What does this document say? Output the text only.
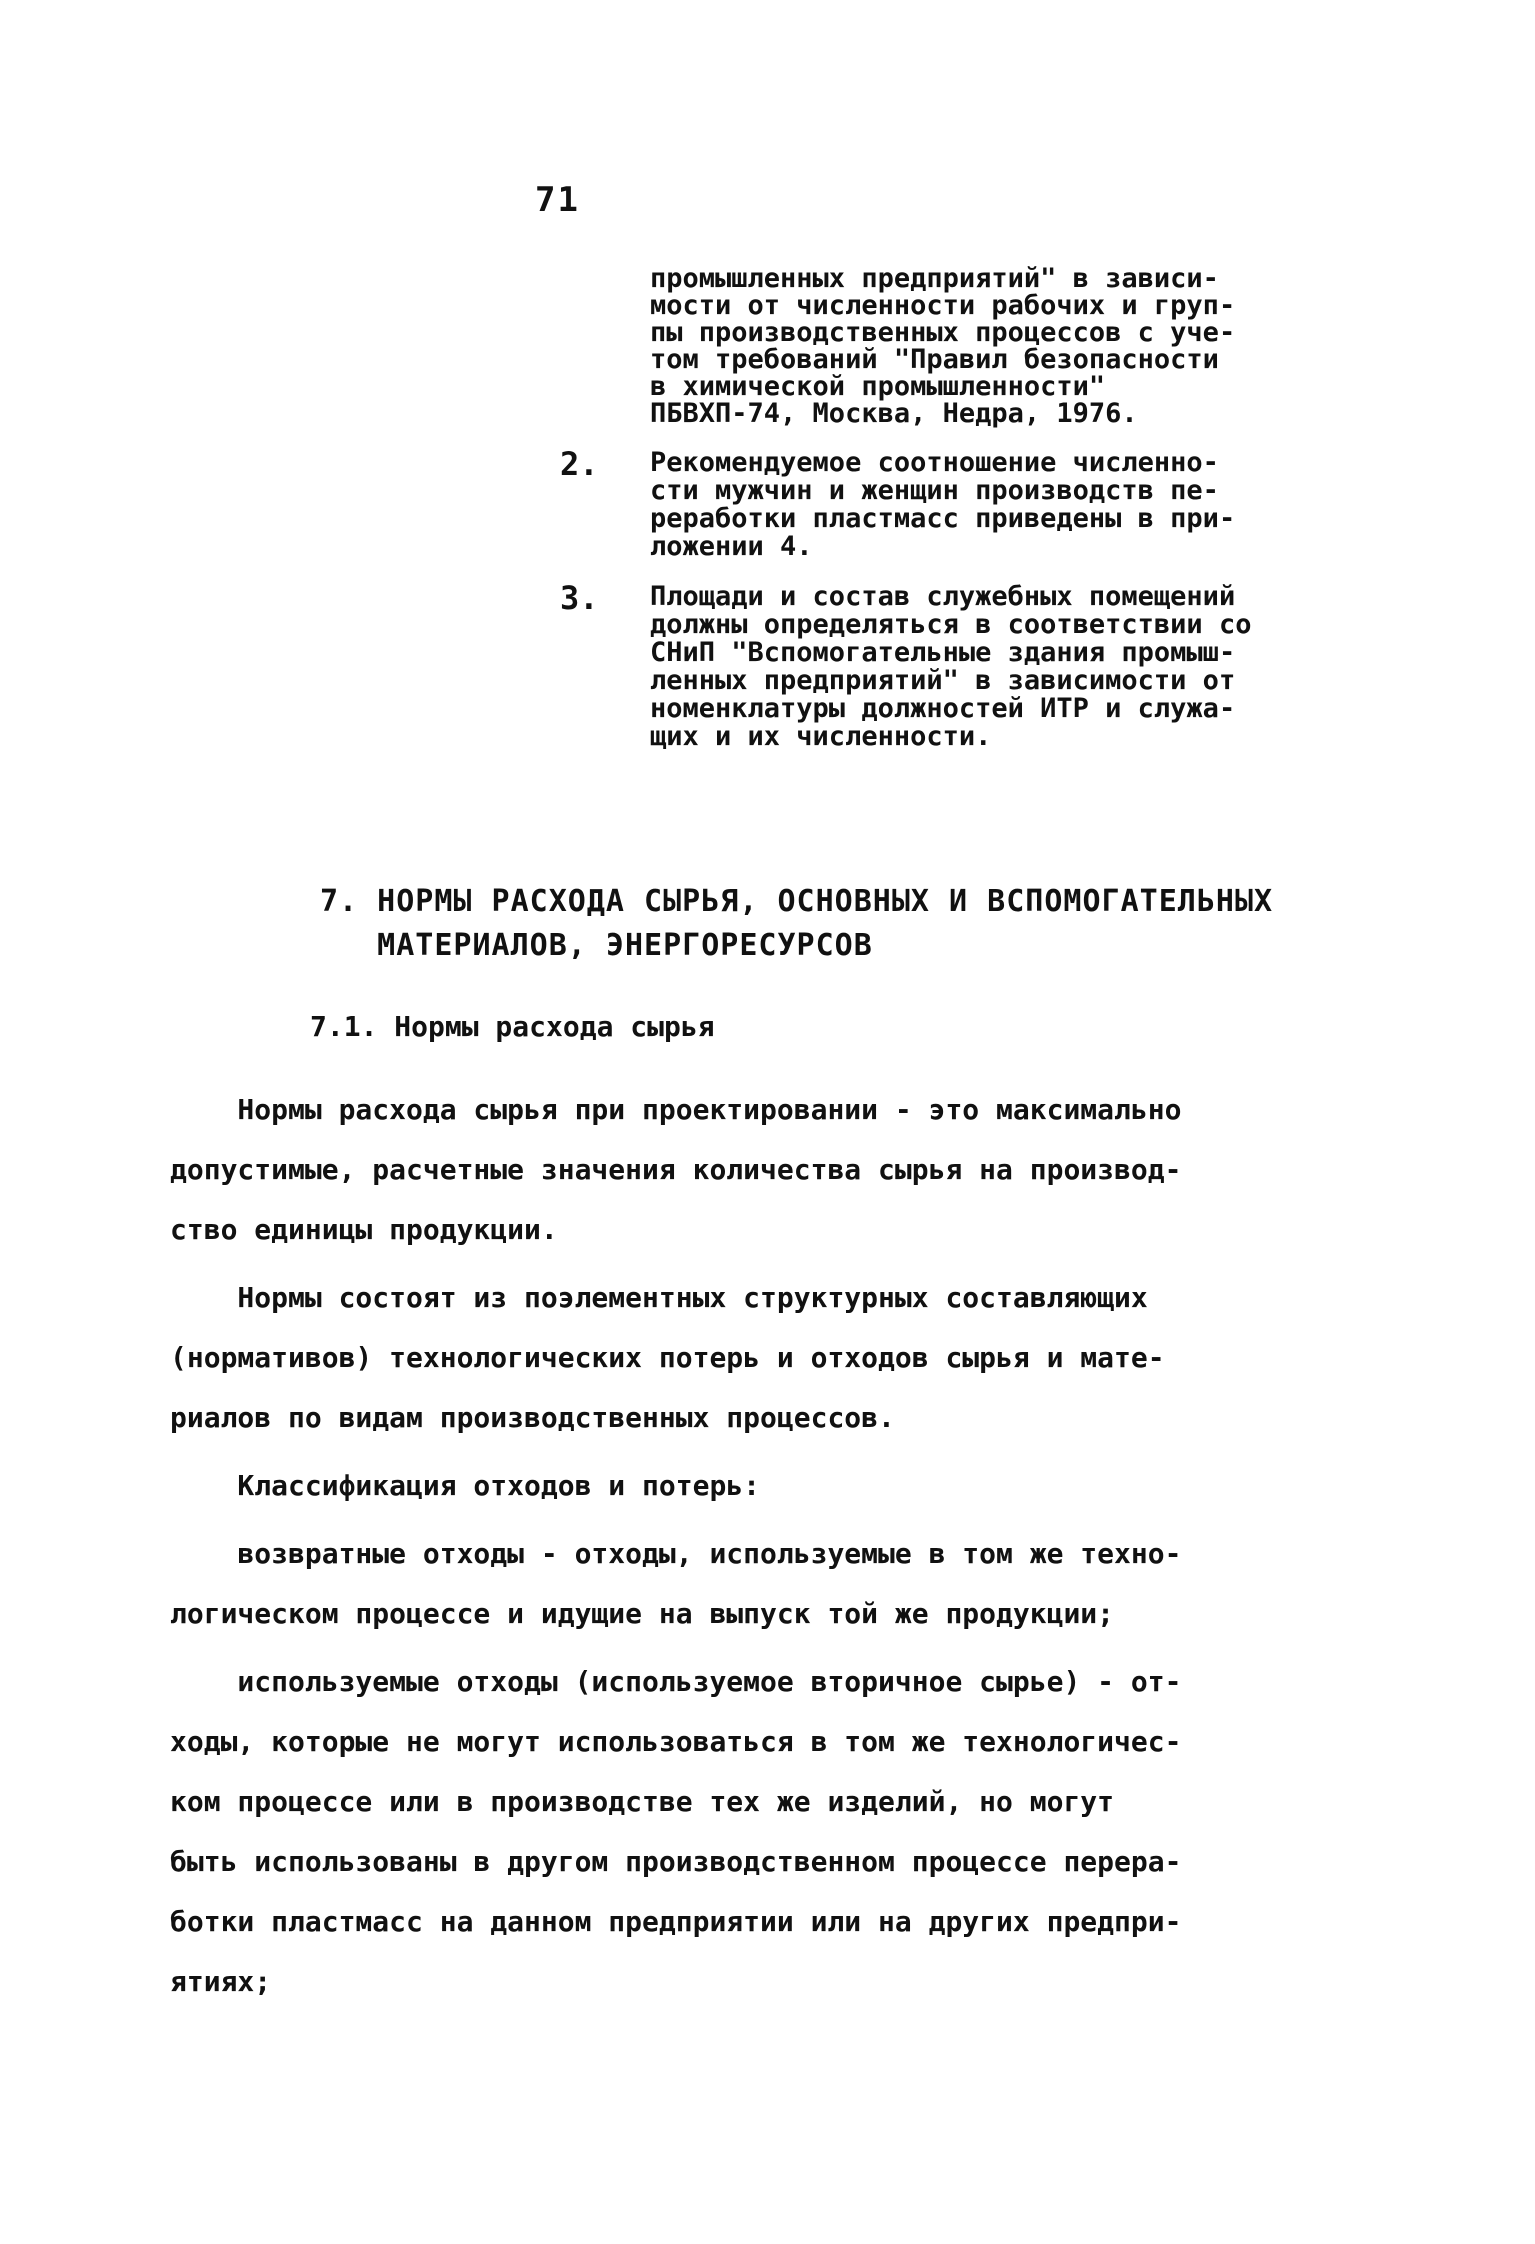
71
промышленных предприятий" в зависи-
мости от численности рабочих и груп-
пы производственных процессов с уче-
том требований "Правил безопасности
в химической промышленности"
ПБВХП-74, Москва, Недра, 1976.
2.	Рекомендуемое соотношение численно-
сти мужчин и женщин производств пе-
реработки пластмасс приведены в при-
ложении 4.
3.	Площади и состав служебных помещений
должны определяться в соответствии со
СНиП "Вспомогательные здания промыш-
ленных предприятий" в зависимости от
номенклатуры должностей ИТР и служа-
щих и их численности.
7. НОРМЫ РАСХОДА СЫРЬЯ, ОСНОВНЫХ И ВСПОМОГАТЕЛЬНЫХ
МАТЕРИАЛОВ, ЭНЕРГОРЕСУРСОВ
7.1. Нормы расхода сырья

Нормы расхода сырья при проектировании - это максимально
допустимые, расчетные значения количества сырья на производ-
ство единицы продукции.

Нормы состоят из поэлементных структурных составляющих
(нормативов) технологических потерь и отходов сырья и мате-
риалов по видам производственных процессов.

Классификация отходов и потерь:

возвратные отходы - отходы, используемые в том же техно-
логическом процессе и идущие на выпуск той же продукции;

используемые отходы (используемое вторичное сырье) - от-
ходы, которые не могут использоваться в том же технологичес-
ком процессе или в производстве тех же изделий, но могут
быть использованы в другом производственном процессе перера-
ботки пластмасс на данном предприятии или на других предпри-
ятиях;
